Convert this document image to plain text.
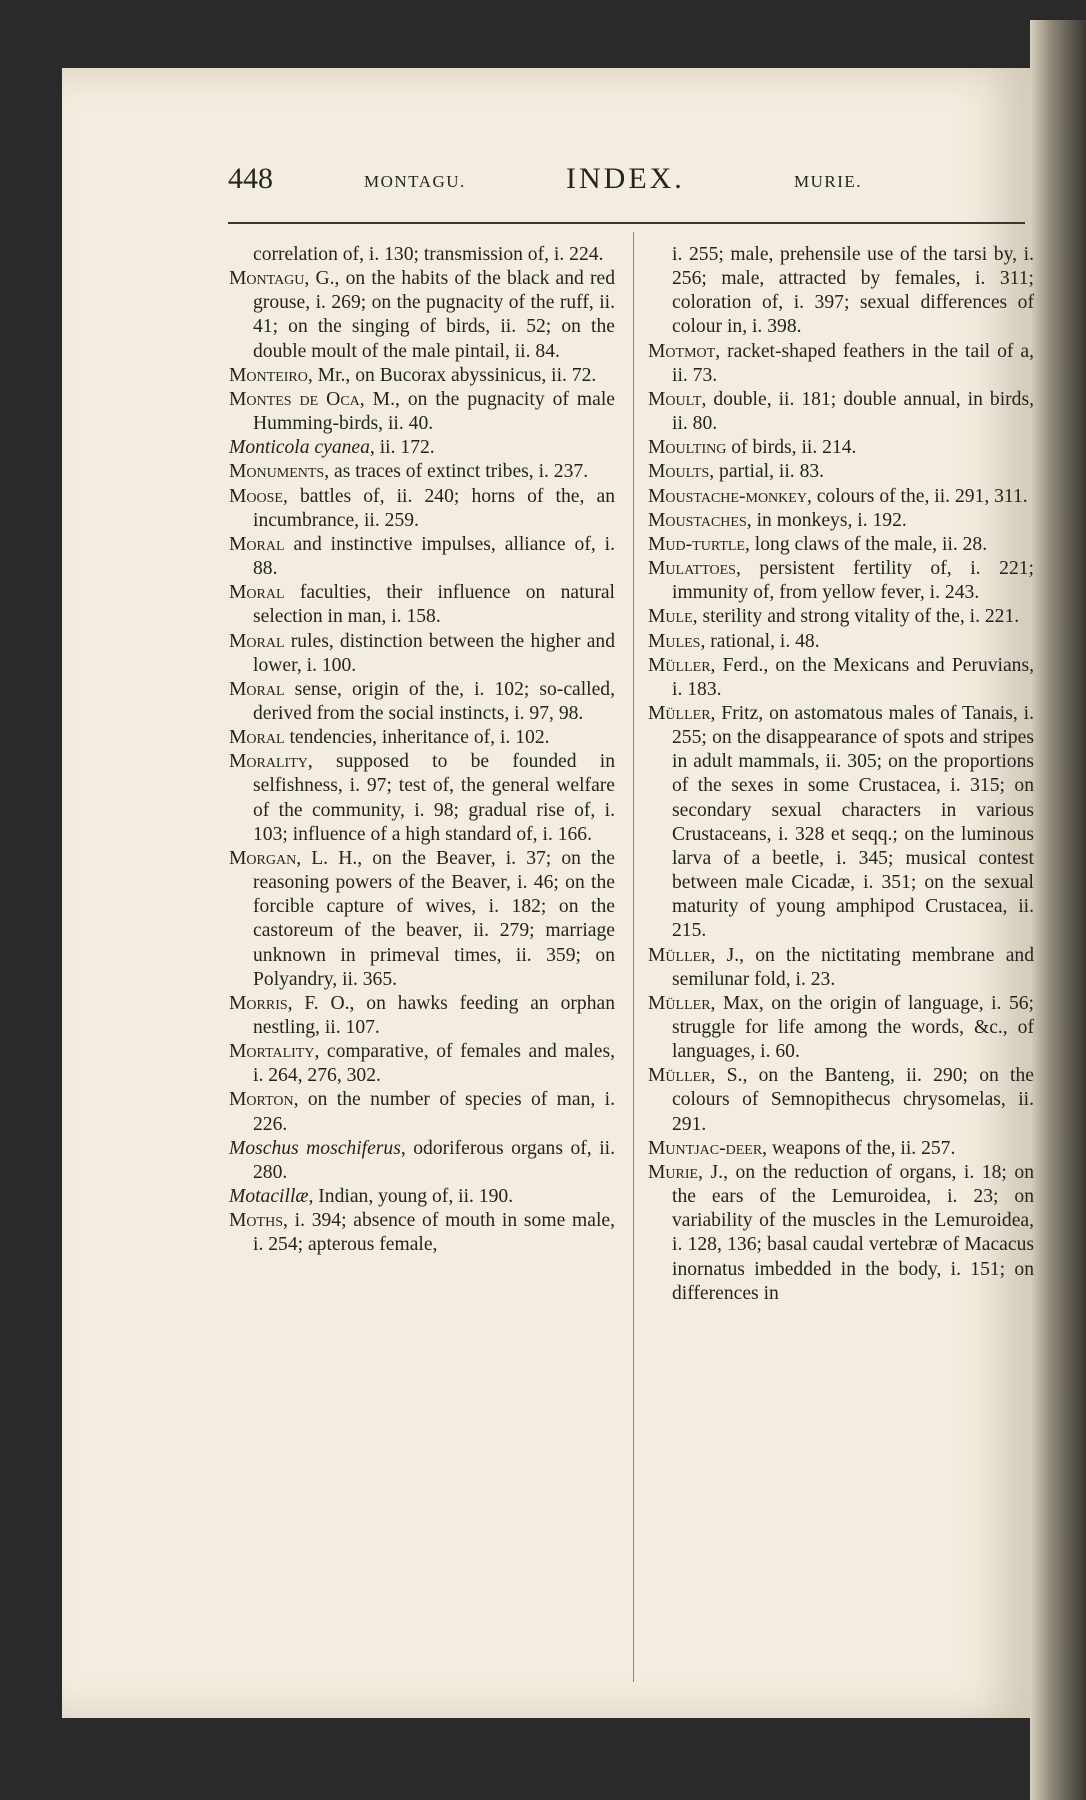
448	MONTAGU.	INDEX.	MURIE.

correlation of, i. 130; transmission of, i. 224.

Montagu, G., on the habits of the black and red grouse, i. 269; on the pugnacity of the ruff, ii. 41; on the singing of birds, ii. 52; on the double moult of the male pintail, ii. 84.

Monteiro, Mr., on Bucorax abyssinicus, ii. 72.

Montes de Oca, M., on the pugnacity of male Humming-birds, ii. 40.

Monticola cyanea, ii. 172.

Monuments, as traces of extinct tribes, i. 237.

Moose, battles of, ii. 240; horns of the, an incumbrance, ii. 259.

Moral and instinctive impulses, alliance of, i. 88.

Moral faculties, their influence on natural selection in man, i. 158.

Moral rules, distinction between the higher and lower, i. 100.

Moral sense, origin of the, i. 102; so-called, derived from the social instincts, i. 97, 98.

Moral tendencies, inheritance of, i. 102.

Morality, supposed to be founded in selfishness, i. 97; test of, the general welfare of the community, i. 98; gradual rise of, i. 103; influence of a high standard of, i. 166.

Morgan, L. H., on the Beaver, i. 37; on the reasoning powers of the Beaver, i. 46; on the forcible capture of wives, i. 182; on the castoreum of the beaver, ii. 279; marriage unknown in primeval times, ii. 359; on Polyandry, ii. 365.

Morris, F. O., on hawks feeding an orphan nestling, ii. 107.

Mortality, comparative, of females and males, i. 264, 276, 302.

Morton, on the number of species of man, i. 226.

Moschus moschiferus, odoriferous organs of, ii. 280.

Motacillæ, Indian, young of, ii. 190.

Moths, i. 394; absence of mouth in some male, i. 254; apterous female,

i. 255; male, prehensile use of the tarsi by, i. 256; male, attracted by females, i. 311; coloration of, i. 397; sexual differences of colour in, i. 398.

Motmot, racket-shaped feathers in the tail of a, ii. 73.

Moult, double, ii. 181; double annual, in birds, ii. 80.

Moulting of birds, ii. 214.

Moults, partial, ii. 83.

Moustache-monkey, colours of the, ii. 291, 311.

Moustaches, in monkeys, i. 192.

Mud-turtle, long claws of the male, ii. 28.

Mulattoes, persistent fertility of, i. 221; immunity of, from yellow fever, i. 243.

Mule, sterility and strong vitality of the, i. 221.

Mules, rational, i. 48.

Müller, Ferd., on the Mexicans and Peruvians, i. 183.

Müller, Fritz, on astomatous males of Tanais, i. 255; on the disappearance of spots and stripes in adult mammals, ii. 305; on the proportions of the sexes in some Crustacea, i. 315; on secondary sexual characters in various Crustaceans, i. 328 et seqq.; on the luminous larva of a beetle, i. 345; musical contest between male Cicadæ, i. 351; on the sexual maturity of young amphipod Crustacea, ii. 215.

Müller, J., on the nictitating membrane and semilunar fold, i. 23.

Müller, Max, on the origin of language, i. 56; struggle for life among the words, &c., of languages, i. 60.

Müller, S., on the Banteng, ii. 290; on the colours of Semnopithecus chrysomelas, ii. 291.

Muntjac-deer, weapons of the, ii. 257.

Murie, J., on the reduction of organs, i. 18; on the ears of the Lemuroidea, i. 23; on variability of the muscles in the Lemuroidea, i. 128, 136; basal caudal vertebræ of Macacus inornatus imbedded in the body, i. 151; on differences in
